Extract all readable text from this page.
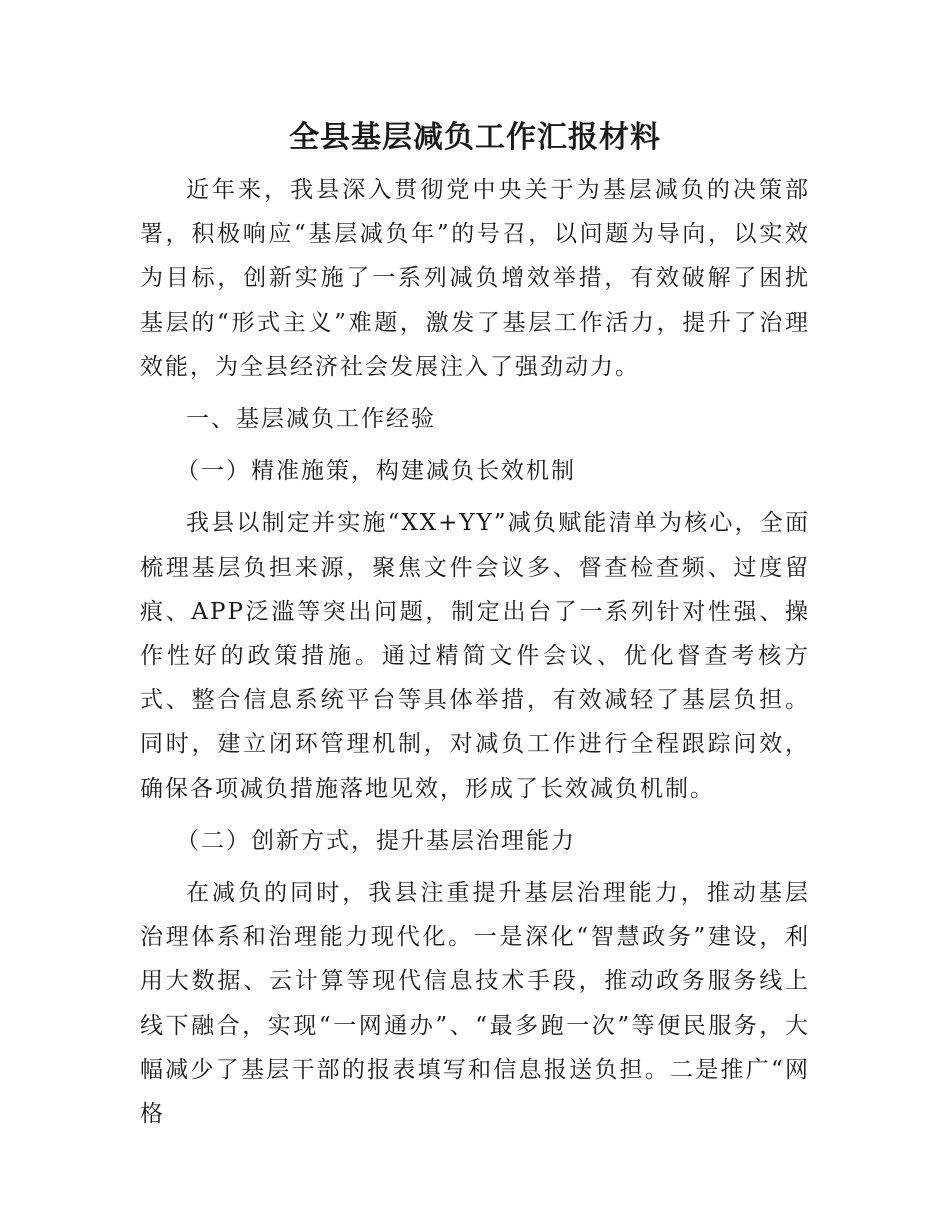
全县基层减负工作汇报材料

近年来，我县深入贯彻党中央关于为基层减负的决策部署，积极响应“基层减负年”的号召，以问题为导向，以实效为目标，创新实施了一系列减负增效举措，有效破解了困扰基层的“形式主义”难题，激发了基层工作活力，提升了治理效能，为全县经济社会发展注入了强劲动力。

一、基层减负工作经验

（一）精准施策，构建减负长效机制

我县以制定并实施“XX+YY”减负赋能清单为核心，全面梳理基层负担来源，聚焦文件会议多、督查检查频、过度留痕、APP泛滥等突出问题，制定出台了一系列针对性强、操作性好的政策措施。通过精简文件会议、优化督查考核方式、整合信息系统平台等具体举措，有效减轻了基层负担。同时，建立闭环管理机制，对减负工作进行全程跟踪问效，确保各项减负措施落地见效，形成了长效减负机制。

（二）创新方式，提升基层治理能力

在减负的同时，我县注重提升基层治理能力，推动基层治理体系和治理能力现代化。一是深化“智慧政务”建设，利用大数据、云计算等现代信息技术手段，推动政务服务线上线下融合，实现“一网通办”、“最多跑一次”等便民服务，大幅减少了基层干部的报表填写和信息报送负担。二是推广“网格
